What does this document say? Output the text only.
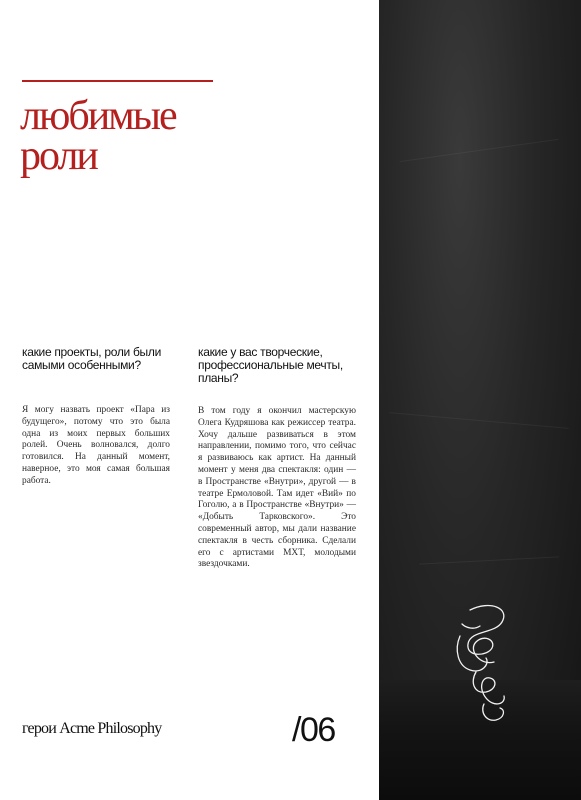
любимые
роли
какие проекты, роли были самыми особенными?
какие у вас творческие, профессиональные мечты, планы?
Я могу назвать проект «Пара из будущего», потому что это была одна из моих первых больших ролей. Очень волновался, долго готовился. На данный момент, наверное, это моя самая большая работа.
В том году я окончил мастерскую Олега Кудряшова как режиссер театра. Хочу дальше развиваться в этом направлении, помимо того, что сейчас я развиваюсь как артист. На данный момент у меня два спектакля: один — в Пространстве «Внутри», другой — в театре Ермоловой. Там идет «Вий» по Гоголю, а в Пространстве «Внутри» — «Добыть Тарковского». Это современный автор, мы дали название спектакля в честь сборника. Сделали его с артистами МХТ, молодыми звездочками.
герои Acme Philosophy	/06
